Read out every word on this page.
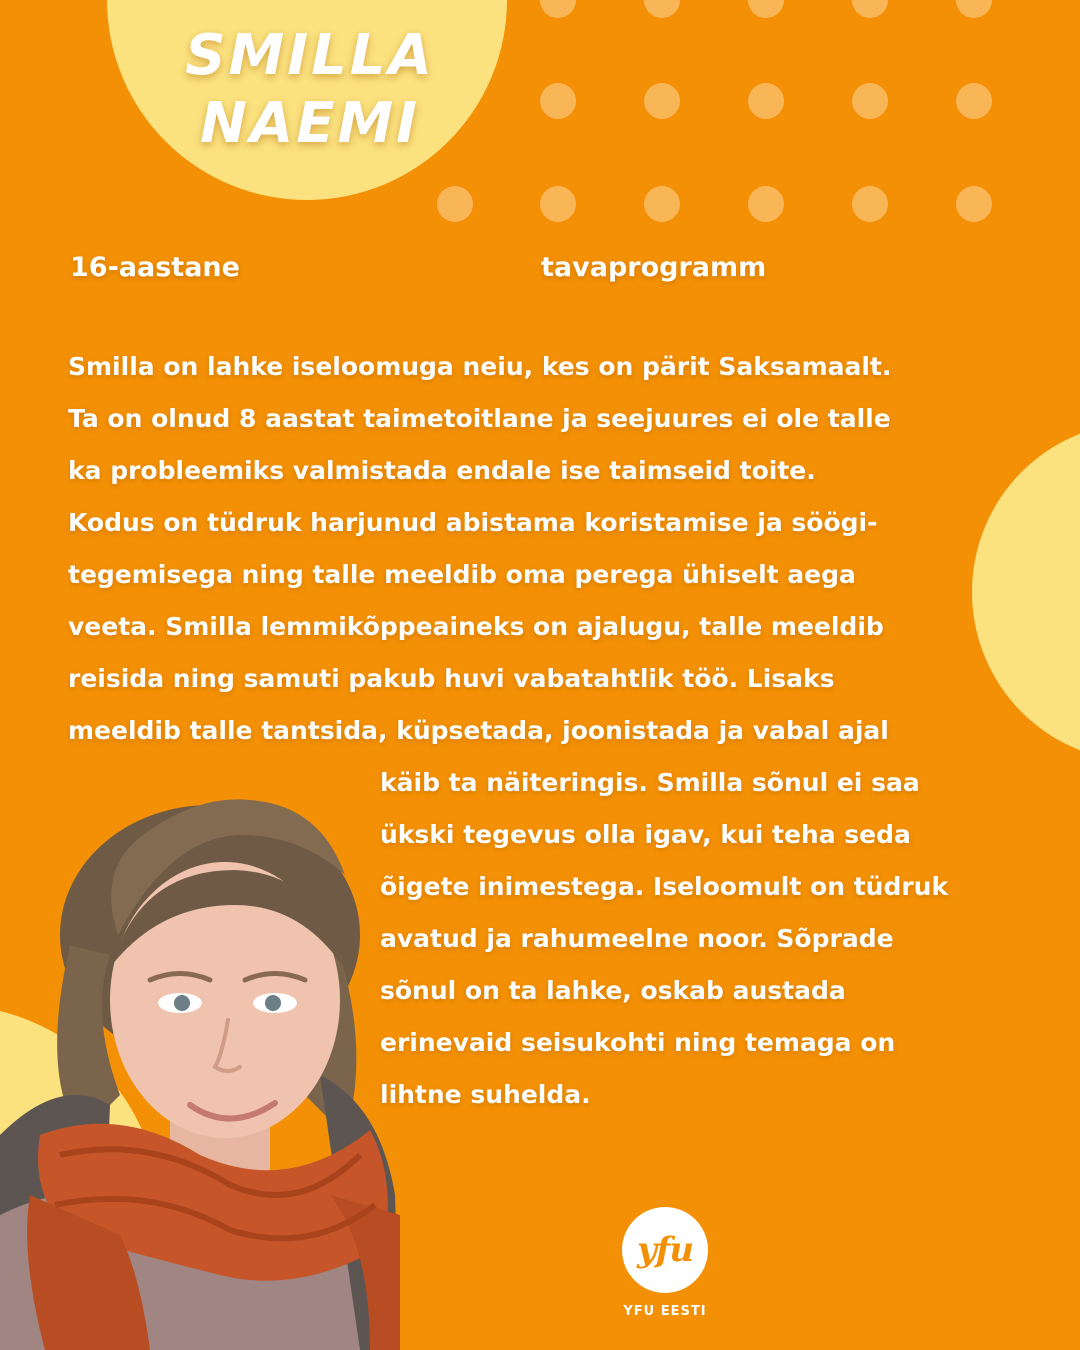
SMILLA
NAEMI
16-aastane	tavaprogramm

Smilla on lahke iseloomuga neiu, kes on pärit Saksamaalt.

Ta on olnud 8 aastat taimetoitlane ja seejuures ei ole talle

ka probleemiks valmistada endale ise taimseid toite.

Kodus on tüdruk harjunud abistama koristamise ja söögi-

tegemisega ning talle meeldib oma perega ühiselt aega

veeta. Smilla lemmikõppeaineks on ajalugu, talle meeldib

reisida ning samuti pakub huvi vabatahtlik töö. Lisaks

meeldib talle tantsida, küpsetada, joonistada ja vabal ajal

käib ta näiteringis. Smilla sõnul ei saa

ükski tegevus olla igav, kui teha seda

õigete inimestega. Iseloomult on tüdruk

avatud ja rahumeelne noor. Sõprade

sõnul on ta lahke, oskab austada

erinevaid seisukohti ning temaga on

lihtne suhelda.

yfu
YFU EESTI
